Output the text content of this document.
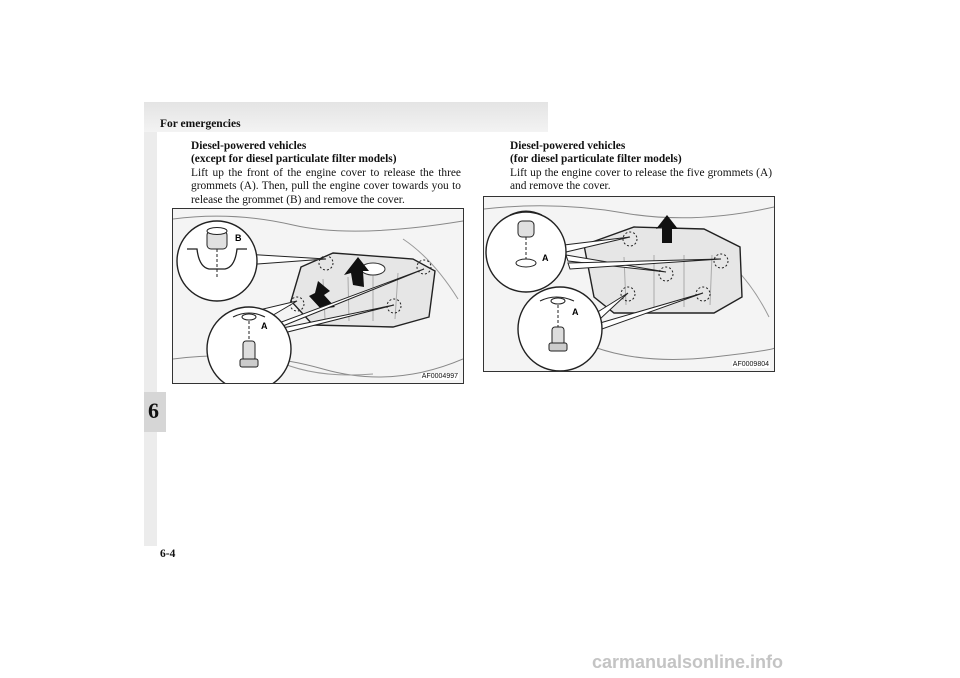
For emergencies
6
Diesel-powered vehicles
(except for diesel particulate filter models)
Lift up the front of the engine cover to release the three grommets (A). Then, pull the engine cover towards you to release the grommet (B) and remove the cover.
B
A
AF0004997
Diesel-powered vehicles
(for diesel particulate filter models)
Lift up the engine cover to release the five grommets (A) and remove the cover.
A
A
AF0009804
6-4
carmanualsonline.info
